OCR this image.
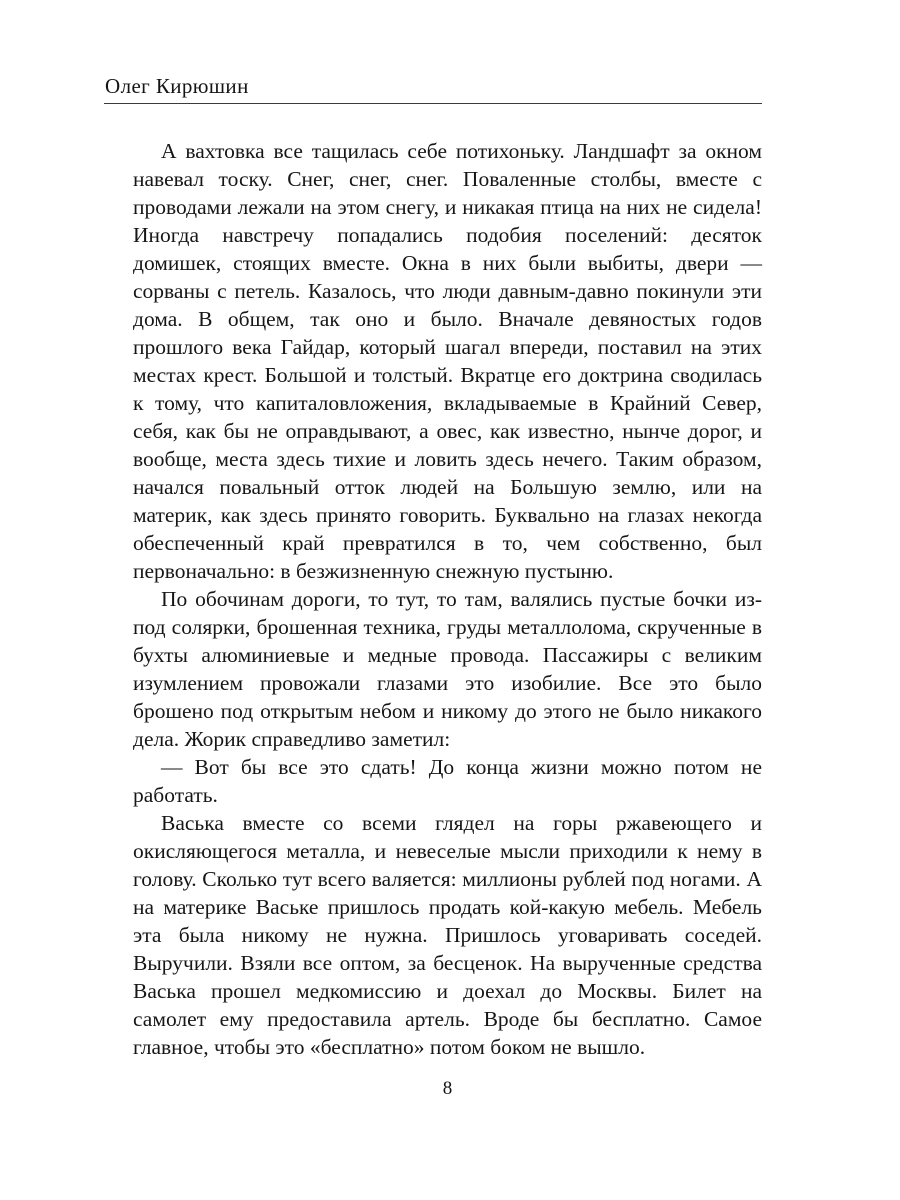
Олег Кирюшин

А вахтовка все тащилась себе потихоньку. Ландшафт за окном навевал тоску. Снег, снег, снег. Поваленные столбы, вместе с проводами лежали на этом снегу, и никакая птица на них не сидела! Иногда навстречу попадались подобия поселений: десяток домишек, стоящих вместе. Окна в них были выбиты, двери — сорваны с петель. Казалось, что люди давным-давно покинули эти дома. В общем, так оно и было. Вначале девяностых годов прошлого века Гайдар, который шагал впереди, поставил на этих местах крест. Большой и толстый. Вкратце его доктрина сводилась к тому, что капиталовложения, вкладываемые в Крайний Север, себя, как бы не оправдывают, а овес, как известно, нынче дорог, и вообще, места здесь тихие и ловить здесь нечего. Таким образом, начался повальный отток людей на Большую землю, или на материк, как здесь принято говорить. Буквально на глазах некогда обеспеченный край превратился в то, чем собственно, был первоначально: в безжизненную снежную пустыню.

По обочинам дороги, то тут, то там, валялись пустые бочки из-под солярки, брошенная техника, груды металлолома, скрученные в бухты алюминиевые и медные провода. Пассажиры с великим изумлением провожали глазами это изобилие. Все это было брошено под открытым небом и никому до этого не было никакого дела. Жорик справедливо заметил:

— Вот бы все это сдать! До конца жизни можно потом не работать.

Васька вместе со всеми глядел на горы ржавеющего и окисляющегося металла, и невеселые мысли приходили к нему в голову. Сколько тут всего валяется: миллионы рублей под ногами. А на материке Ваське пришлось продать кой-какую мебель. Мебель эта была никому не нужна. Пришлось уговаривать соседей. Выручили. Взяли все оптом, за бесценок. На вырученные средства Васька прошел медкомиссию и доехал до Москвы. Билет на самолет ему предоставила артель. Вроде бы бесплатно. Самое главное, чтобы это «бесплатно» потом боком не вышло.

8
